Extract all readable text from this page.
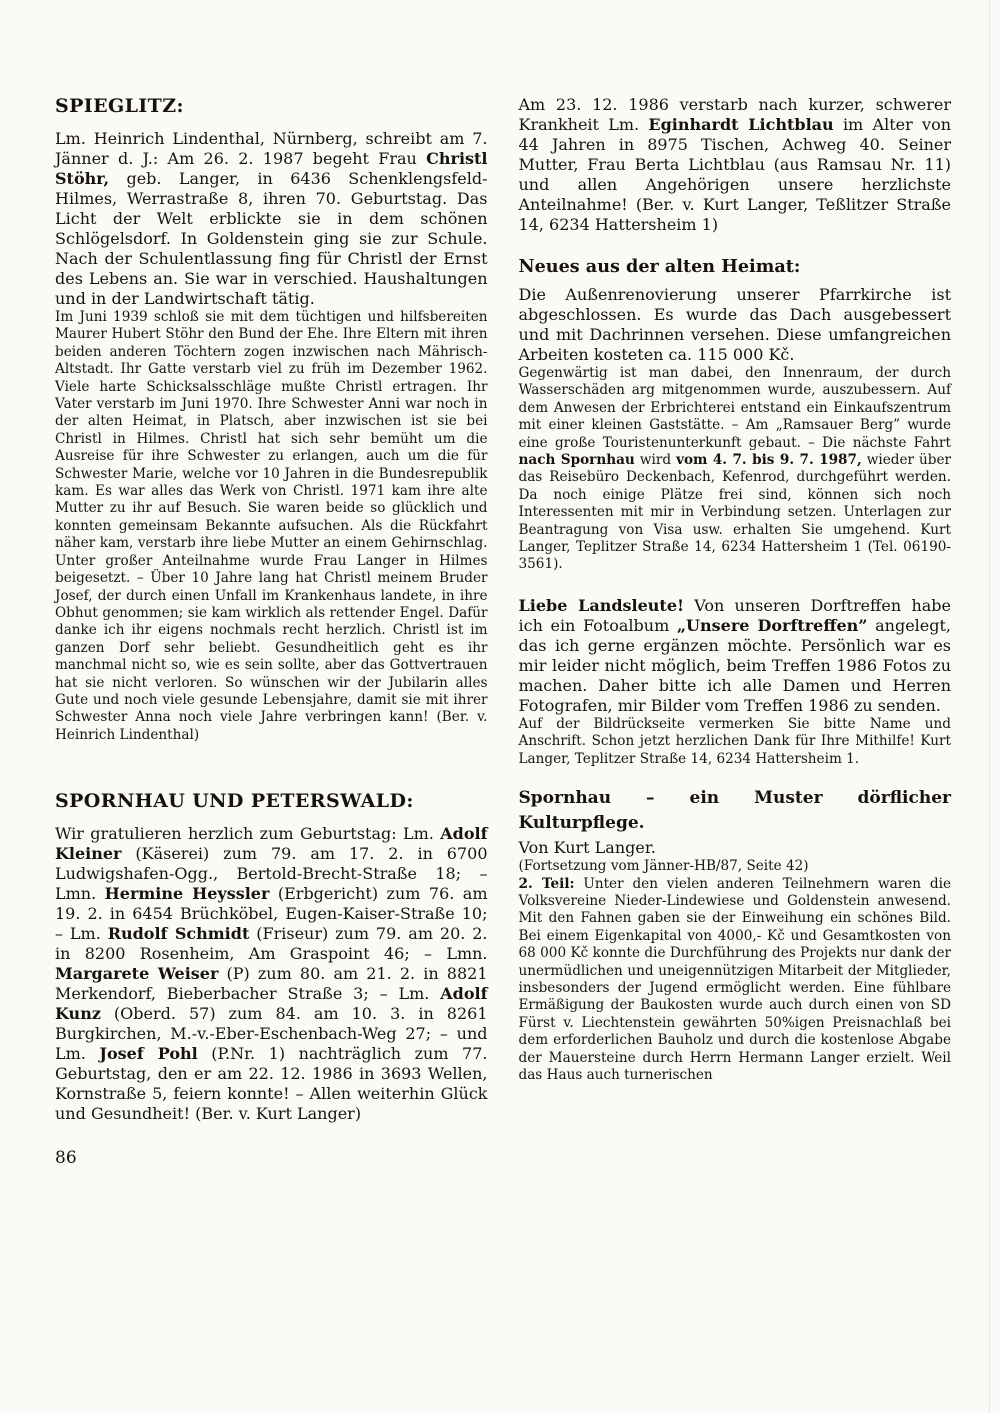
SPIEGLITZ:

Lm. Heinrich Lindenthal, Nürnberg, schreibt am 7. Jänner d. J.: Am 26. 2. 1987 begeht Frau Christl Stöhr, geb. Langer, in 6436 Schenklengsfeld-Hilmes, Werrastraße 8, ihren 70. Geburtstag. Das Licht der Welt erblickte sie in dem schönen Schlögelsdorf. In Goldenstein ging sie zur Schule. Nach der Schulentlassung fing für Christl der Ernst des Lebens an. Sie war in verschied. Haushaltungen und in der Landwirtschaft tätig.

Im Juni 1939 schloß sie mit dem tüchtigen und hilfsbereiten Maurer Hubert Stöhr den Bund der Ehe. Ihre Eltern mit ihren beiden anderen Töchtern zogen inzwischen nach Mährisch-Altstadt. Ihr Gatte verstarb viel zu früh im Dezember 1962. Viele harte Schicksalsschläge mußte Christl ertragen. Ihr Vater verstarb im Juni 1970. Ihre Schwester Anni war noch in der alten Heimat, in Platsch, aber inzwischen ist sie bei Christl in Hilmes. Christl hat sich sehr bemüht um die Ausreise für ihre Schwester zu erlangen, auch um die für Schwester Marie, welche vor 10 Jahren in die Bundesrepublik kam. Es war alles das Werk von Christl. 1971 kam ihre alte Mutter zu ihr auf Besuch. Sie waren beide so glücklich und konnten gemeinsam Bekannte aufsuchen. Als die Rückfahrt näher kam, verstarb ihre liebe Mutter an einem Gehirnschlag. Unter großer Anteilnahme wurde Frau Langer in Hilmes beigesetzt. – Über 10 Jahre lang hat Christl meinem Bruder Josef, der durch einen Unfall im Krankenhaus landete, in ihre Obhut genommen; sie kam wirklich als rettender Engel. Dafür danke ich ihr eigens nochmals recht herzlich. Christl ist im ganzen Dorf sehr beliebt. Gesundheitlich geht es ihr manchmal nicht so, wie es sein sollte, aber das Gottvertrauen hat sie nicht verloren. So wünschen wir der Jubilarin alles Gute und noch viele gesunde Lebensjahre, damit sie mit ihrer Schwester Anna noch viele Jahre verbringen kann! (Ber. v. Heinrich Lindenthal)

SPORNHAU UND PETERSWALD:

Wir gratulieren herzlich zum Geburtstag: Lm. Adolf Kleiner (Käserei) zum 79. am 17. 2. in 6700 Ludwigshafen-Ogg., Bertold-Brecht-Straße 18; – Lmn. Hermine Heyssler (Erbgericht) zum 76. am 19. 2. in 6454 Brüchköbel, Eugen-Kaiser-Straße 10; – Lm. Rudolf Schmidt (Friseur) zum 79. am 20. 2. in 8200 Rosenheim, Am Graspoint 46; – Lmn. Margarete Weiser (P) zum 80. am 21. 2. in 8821 Merkendorf, Bieberbacher Straße 3; – Lm. Adolf Kunz (Oberd. 57) zum 84. am 10. 3. in 8261 Burgkirchen, M.-v.-Eber-Eschenbach-Weg 27; – und Lm. Josef Pohl (P.Nr. 1) nachträglich zum 77. Geburtstag, den er am 22. 12. 1986 in 3693 Wellen, Kornstraße 5, feiern konnte! – Allen weiterhin Glück und Gesundheit! (Ber. v. Kurt Langer)

86

Am 23. 12. 1986 verstarb nach kurzer, schwerer Krankheit Lm. Eginhardt Lichtblau im Alter von 44 Jahren in 8975 Tischen, Achweg 40. Seiner Mutter, Frau Berta Lichtblau (aus Ramsau Nr. 11) und allen Angehörigen unsere herzlichste Anteilnahme! (Ber. v. Kurt Langer, Teßlitzer Straße 14, 6234 Hattersheim 1)

Neues aus der alten Heimat:

Die Außenrenovierung unserer Pfarrkirche ist abgeschlossen. Es wurde das Dach ausgebessert und mit Dachrinnen versehen. Diese umfangreichen Arbeiten kosteten ca. 115 000 Kč.

Gegenwärtig ist man dabei, den Innenraum, der durch Wasserschäden arg mitgenommen wurde, auszubessern. Auf dem Anwesen der Erbrichterei entstand ein Einkaufszentrum mit einer kleinen Gaststätte. – Am „Ramsauer Berg” wurde eine große Touristenunterkunft gebaut. – Die nächste Fahrt nach Spornhau wird vom 4. 7. bis 9. 7. 1987, wieder über das Reisebüro Deckenbach, Kefenrod, durchgeführt werden. Da noch einige Plätze frei sind, können sich noch Interessenten mit mir in Verbindung setzen. Unterlagen zur Beantragung von Visa usw. erhalten Sie umgehend. Kurt Langer, Teplitzer Straße 14, 6234 Hattersheim 1 (Tel. 06190-3561).

Liebe Landsleute! Von unseren Dorftreffen habe ich ein Fotoalbum „Unsere Dorftreffen” angelegt, das ich gerne ergänzen möchte. Persönlich war es mir leider nicht möglich, beim Treffen 1986 Fotos zu machen. Daher bitte ich alle Damen und Herren Fotografen, mir Bilder vom Treffen 1986 zu senden.

Auf der Bildrückseite vermerken Sie bitte Name und Anschrift. Schon jetzt herzlichen Dank für Ihre Mithilfe! Kurt Langer, Teplitzer Straße 14, 6234 Hattersheim 1.

Spornhau – ein Muster dörflicher Kulturpflege.

Von Kurt Langer.

(Fortsetzung vom Jänner-HB/87, Seite 42)

2. Teil: Unter den vielen anderen Teilnehmern waren die Volksvereine Nieder-Lindewiese und Goldenstein anwesend. Mit den Fahnen gaben sie der Einweihung ein schönes Bild. Bei einem Eigenkapital von 4000,- Kč und Gesamtkosten von 68 000 Kč konnte die Durchführung des Projekts nur dank der unermüdlichen und uneigennützigen Mitarbeit der Mitglieder, insbesonders der Jugend ermöglicht werden. Eine fühlbare Ermäßigung der Baukosten wurde auch durch einen von SD Fürst v. Liechtenstein gewährten 50%igen Preisnachlaß bei dem erforderlichen Bauholz und durch die kostenlose Abgabe der Mauersteine durch Herrn Hermann Langer erzielt. Weil das Haus auch turnerischen
